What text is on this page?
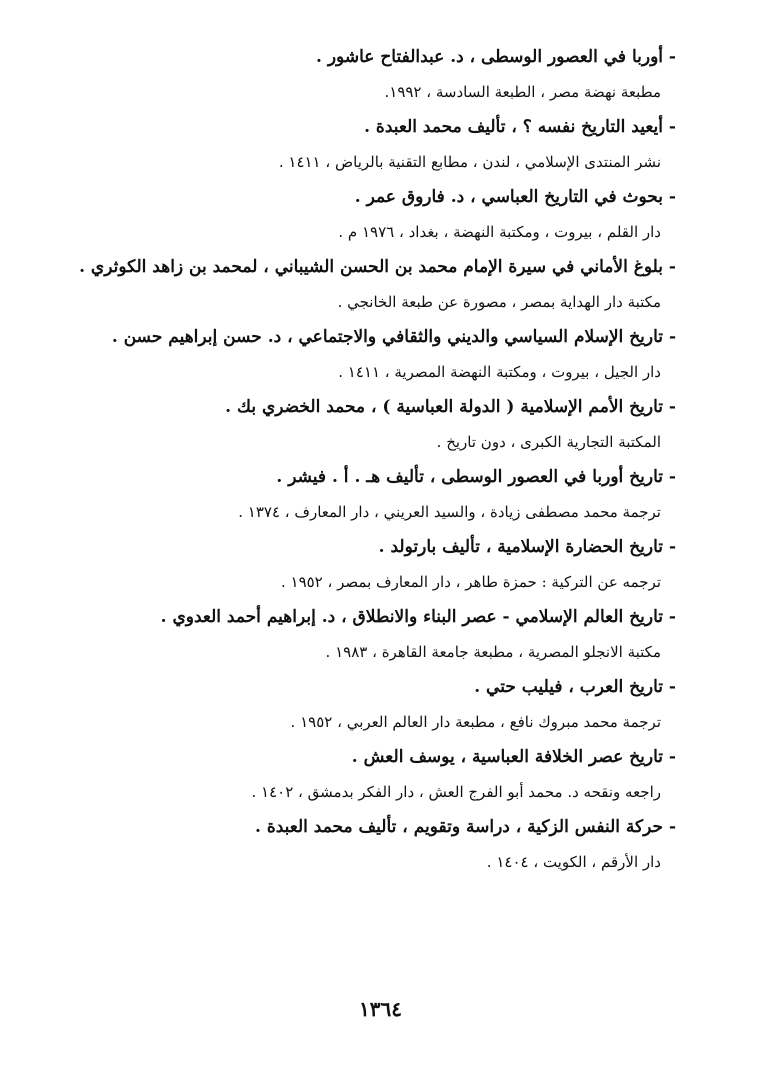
- أوربا في العصور الوسطى ، د. عبدالفتاح عاشور .
مطبعة نهضة مصر ، الطبعة السادسة ، ١٩٩٢.
- أيعيد التاريخ نفسه ؟ ، تأليف محمد العبدة .
نشر المنتدى الإسلامي ، لندن ، مطابع التقنية بالرياض ، ١٤١١ .
- بحوث في التاريخ العباسي ، د. فاروق عمر .
دار القلم ، بيروت ، ومكتبة النهضة ، بغداد ، ١٩٧٦ م .
- بلوغ الأماني في سيرة الإمام محمد بن الحسن الشيباني ، لمحمد بن زاهد الكوثري .
مكتبة دار الهداية بمصر ، مصورة عن طبعة الخانجي .
- تاريخ الإسلام السياسي والديني والثقافي والاجتماعي ، د. حسن إبراهيم حسن .
دار الجيل ، بيروت ، ومكتبة النهضة المصرية ، ١٤١١ .
- تاريخ الأمم الإسلامية ( الدولة العباسية ) ، محمد الخضري بك .
المكتبة التجارية الكبرى ، دون تاريخ .
- تاريخ أوربا في العصور الوسطى ، تأليف هـ . أ . فيشر .
ترجمة محمد مصطفى زيادة ، والسيد العريني ، دار المعارف ، ١٣٧٤ .
- تاريخ الحضارة الإسلامية ، تأليف بارتولد .
ترجمه عن التركية : حمزة طاهر ، دار المعارف بمصر ، ١٩٥٢ .
- تاريخ العالم الإسلامي - عصر البناء والانطلاق ، د. إبراهيم أحمد العدوي .
مكتبة الانجلو المصرية ، مطبعة جامعة القاهرة ، ١٩٨٣ .
- تاريخ العرب ، فيليب حتي .
ترجمة محمد مبروك نافع ، مطبعة دار العالم العربي ، ١٩٥٢ .
- تاريخ عصر الخلافة العباسية ، يوسف العش .
راجعه ونقحه د. محمد أبو الفرج العش ، دار الفكر بدمشق ، ١٤٠٢ .
- حركة النفس الزكية ، دراسة وتقويم ، تأليف محمد العبدة .
دار الأرقم ، الكويت ، ١٤٠٤ .
١٣٦٤
